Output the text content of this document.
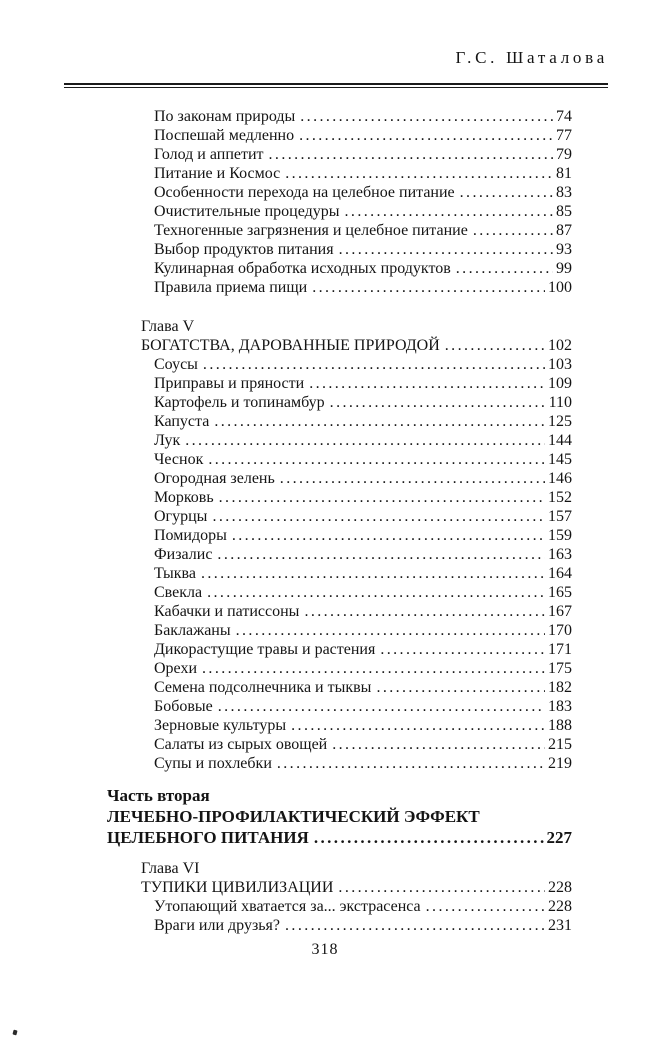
Г.С. Шаталова
По законам природы .....	74
Поспешай медленно .....	77
Голод и аппетит .....	79
Питание и Космос .....	81
Особенности перехода на целебное питание .....	83
Очистительные процедуры .....	85
Техногенные загрязнения и целебное питание .....	87
Выбор продуктов питания .....	93
Кулинарная обработка исходных продуктов .....	99
Правила приема пищи .....	100
Глава V
БОГАТСТВА, ДАРОВАННЫЕ ПРИРОДОЙ .....	102
Соусы .....	103
Приправы и пряности .....	109
Картофель и топинамбур .....	110
Капуста .....	125
Лук .....	144
Чеснок .....	145
Огородная зелень .....	146
Морковь .....	152
Огурцы .....	157
Помидоры .....	159
Физалис .....	163
Тыква .....	164
Свекла .....	165
Кабачки и патиссоны .....	167
Баклажаны .....	170
Дикорастущие травы и растения .....	171
Орехи .....	175
Семена подсолнечника и тыквы .....	182
Бобовые .....	183
Зерновые культуры .....	188
Салаты из сырых овощей .....	215
Супы и похлебки .....	219
Часть вторая
ЛЕЧЕБНО-ПРОФИЛАКТИЧЕСКИЙ ЭФФЕКТ
ЦЕЛЕБНОГО ПИТАНИЯ .....	227
Глава VI
ТУПИКИ ЦИВИЛИЗАЦИИ .....	228
Утопающий хватается за... экстрасенса .....	228
Враги или друзья? .....	231
318
